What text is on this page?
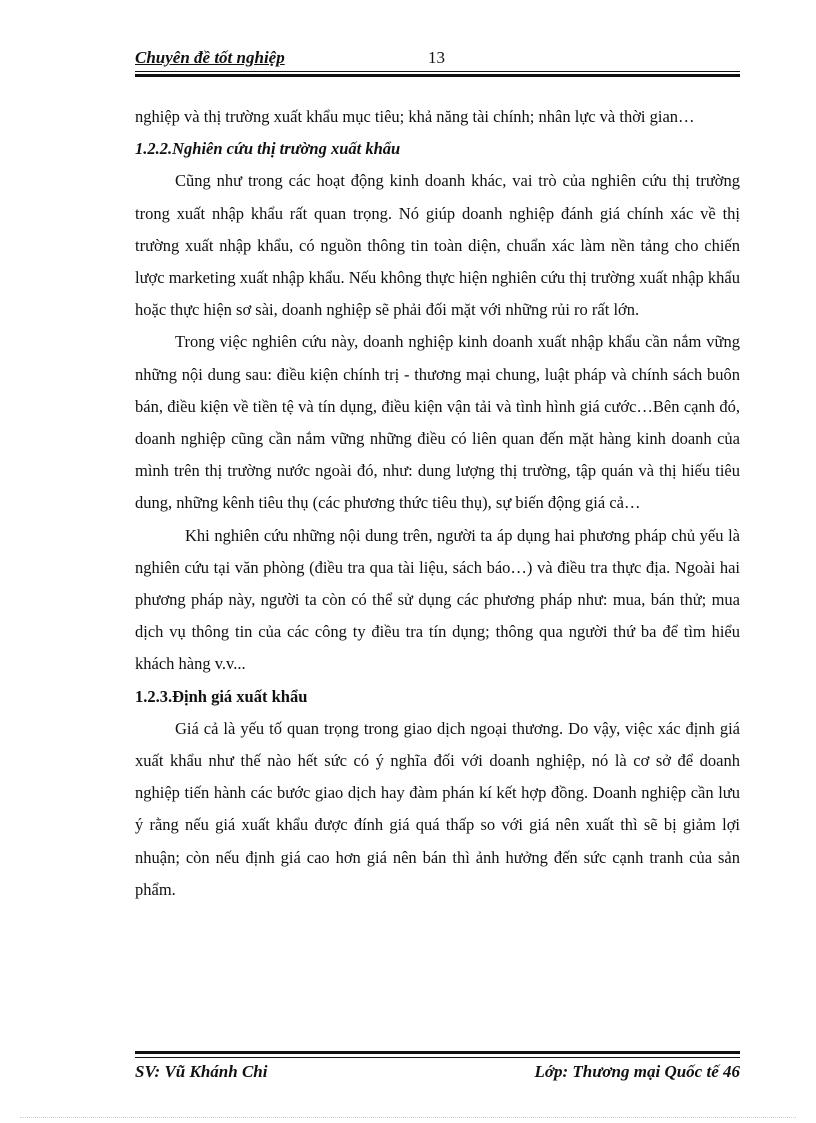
Chuyên đề tốt nghiệp	13

nghiệp và thị trường xuất khẩu mục tiêu; khả năng tài chính; nhân lực và thời gian…

1.2.2.Nghiên cứu thị trường xuất khẩu

Cũng như trong các hoạt động kinh doanh khác, vai trò của nghiên cứu thị trường trong xuất nhập khẩu rất quan trọng. Nó giúp doanh nghiệp đánh giá chính xác về thị trường xuất nhập khẩu, có nguồn thông tin toàn diện, chuẩn xác làm nền tảng cho chiến lược marketing xuất nhập khẩu. Nếu không thực hiện nghiên cứu thị trường xuất nhập khẩu hoặc thực hiện sơ sài, doanh nghiệp sẽ phải đối mặt với những rủi ro rất lớn.

Trong việc nghiên cứu này, doanh nghiệp kinh doanh xuất nhập khẩu cần nắm vững những nội dung sau: điều kiện chính trị - thương mại chung, luật pháp và chính sách buôn bán, điều kiện về tiền tệ và tín dụng, điều kiện vận tải và tình hình giá cước…Bên cạnh đó, doanh nghiệp cũng cần nắm vững những điều có liên quan đến mặt hàng kinh doanh của mình trên thị trường nước ngoài đó, như: dung lượng thị trường, tập quán và thị hiếu tiêu dung, những kênh tiêu thụ (các phương thức tiêu thụ), sự biến động giá cả…

Khi nghiên cứu những nội dung trên, người ta áp dụng hai phương pháp chủ yếu là nghiên cứu tại văn phòng (điều tra qua tài liệu, sách báo…) và điều tra thực địa. Ngoài hai phương pháp này, người ta còn có thể sử dụng các phương pháp như: mua, bán thử; mua dịch vụ thông tin của các công ty điều tra tín dụng; thông qua người thứ ba để tìm hiểu khách hàng v.v...

1.2.3.Định giá xuất khẩu

Giá cả là yếu tố quan trọng trong giao dịch ngoại thương. Do vậy, việc xác định giá xuất khẩu như thế nào hết sức có ý nghĩa đối với doanh nghiệp, nó là cơ sở để doanh nghiệp tiến hành các bước giao dịch hay đàm phán kí kết hợp đồng. Doanh nghiệp cần lưu ý rằng nếu giá xuất khẩu được đính giá quá thấp so với giá nên xuất thì sẽ bị giảm lợi nhuận; còn nếu định giá cao hơn giá nên bán thì ảnh hưởng đến sức cạnh tranh của sản phẩm.

SV: Vũ Khánh Chi	Lớp: Thương mại Quốc tế 46
